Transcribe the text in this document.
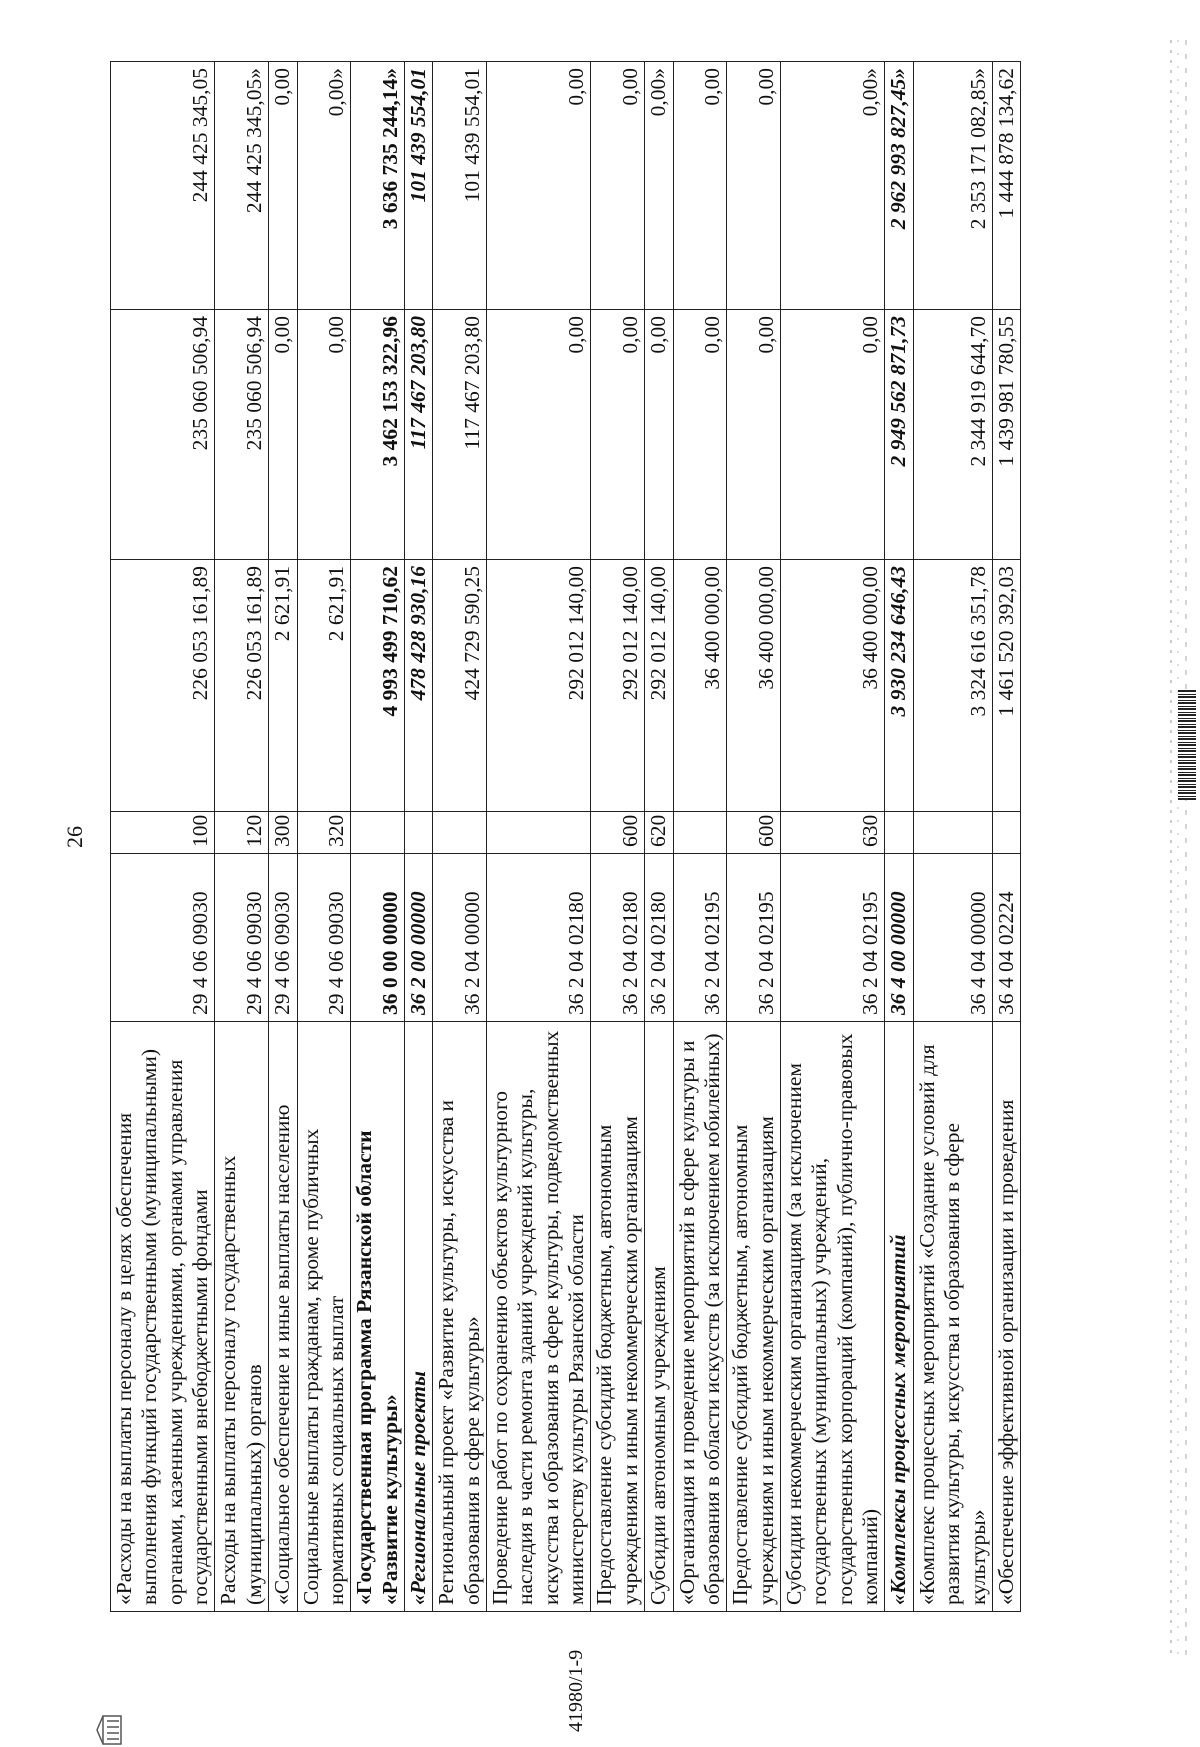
26
41980/1-9
«Расходы на выплаты персоналу в целях обеспечения выполнения функций государственными (муниципальными) органами, казенными учреждениями, органами управления государственными внебюджетными фондами	29 4 06 09030	100	226 053 161,89	235 060 506,94	244 425 345,05
Расходы на выплаты персоналу государственных (муниципальных) органов	29 4 06 09030	120	226 053 161,89	235 060 506,94	244 425 345,05»
«Социальное обеспечение и иные выплаты населению	29 4 06 09030	300	2 621,91	0,00	0,00
Социальные выплаты гражданам, кроме публичных нормативных социальных выплат	29 4 06 09030	320	2 621,91	0,00	0,00»
«Государственная программа Рязанской области «Развитие культуры»	36 0 00 00000		4 993 499 710,62	3 462 153 322,96	3 636 735 244,14»
«Региональные проекты	36 2 00 00000		478 428 930,16	117 467 203,80	101 439 554,01
Региональный проект «Развитие культуры, искусства и образования в сфере культуры»	36 2 04 00000		424 729 590,25	117 467 203,80	101 439 554,01
Проведение работ по сохранению объектов культурного наследия в части ремонта зданий учреждений культуры, искусства и образования в сфере культуры, подведомственных министерству культуры Рязанской области	36 2 04 02180		292 012 140,00	0,00	0,00
Предоставление субсидий бюджетным, автономным учреждениям и иным некоммерческим организациям	36 2 04 02180	600	292 012 140,00	0,00	0,00
Субсидии автономным учреждениям	36 2 04 02180	620	292 012 140,00	0,00	0,00»
«Организация и проведение мероприятий в сфере культуры и образования в области искусств (за исключением юбилейных)	36 2 04 02195		36 400 000,00	0,00	0,00
Предоставление субсидий бюджетным, автономным учреждениям и иным некоммерческим организациям	36 2 04 02195	600	36 400 000,00	0,00	0,00
Субсидии некоммерческим организациям (за исключением государственных (муниципальных) учреждений, государственных корпораций (компаний), публично-правовых компаний)	36 2 04 02195	630	36 400 000,00	0,00	0,00»
«Комплексы процессных мероприятий	36 4 00 00000		3 930 234 646,43	2 949 562 871,73	2 962 993 827,45»
«Комплекс процессных мероприятий «Создание условий для развития культуры, искусства и образования в сфере культуры»	36 4 04 00000		3 324 616 351,78	2 344 919 644,70	2 353 171 082,85»
«Обеспечение эффективной организации и проведения	36 4 04 02224		1 461 520 392,03	1 439 981 780,55	1 444 878 134,62
